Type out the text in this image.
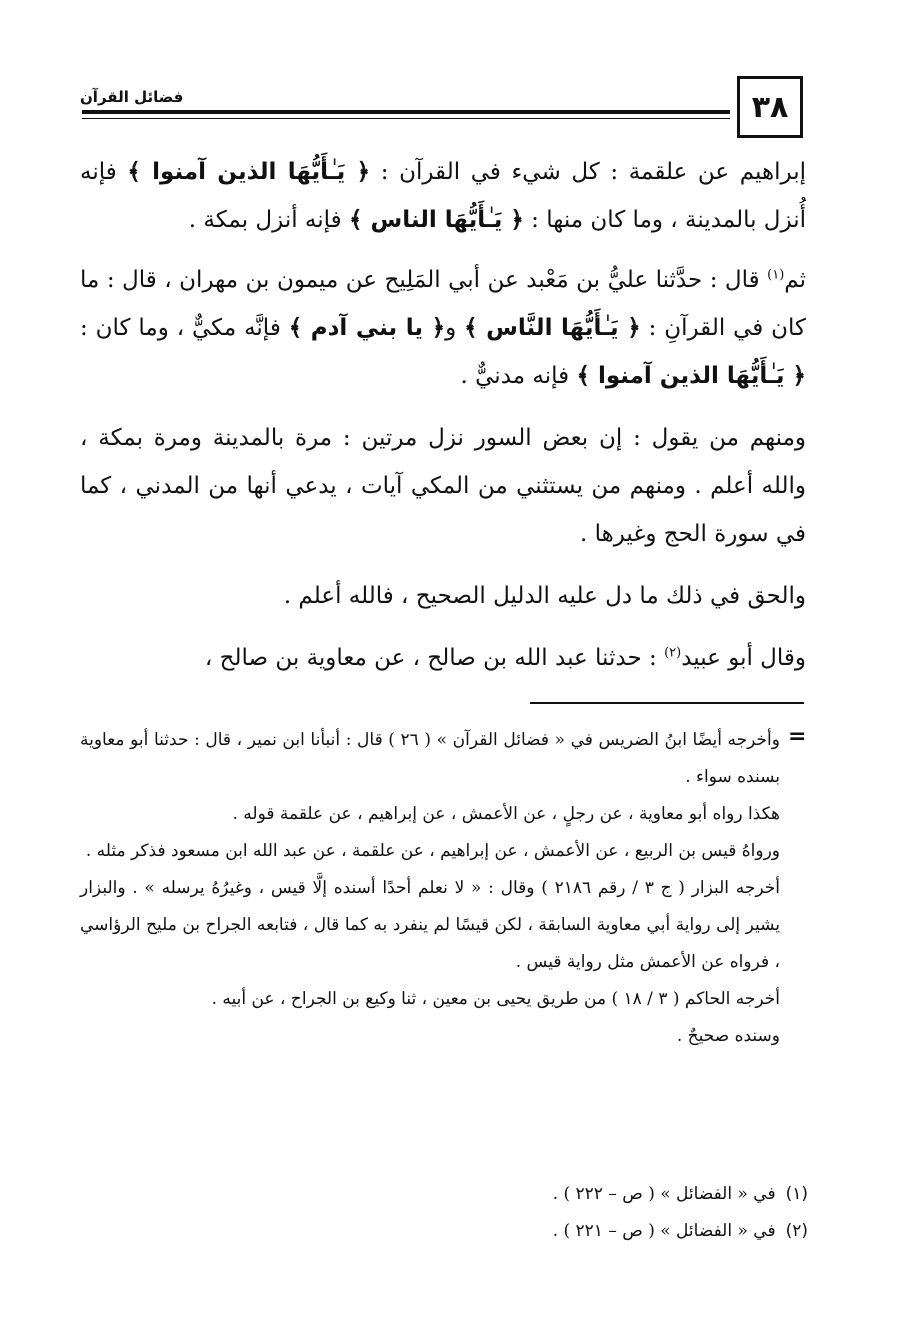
٣٨
فضائل القرآن

إبراهيم عن علقمة : كل شيء في القرآن : ﴿ يَـٰأَيُّهَا الذين آمنوا ﴾ فإنه أُنزل بالمدينة ، وما كان منها : ﴿ يَـٰأَيُّهَا الناس ﴾ فإنه أنزل بمكة .

ثم$^{(١)}$ قال : حدَّثنا عليُّ بن مَعْبد عن أبي المَلِيح عن ميمون بن مهران ، قال : ما كان في القرآنِ : ﴿ يَـٰأَيُّهَا النَّاس ﴾ و﴿ يا بني آدم ﴾ فإنَّه مكيٌّ ، وما كان : ﴿ يَـٰأَيُّهَا الذين آمنوا ﴾ فإنه مدنيٌّ .

ومنهم من يقول : إن بعض السور نزل مرتين : مرة بالمدينة ومرة بمكة ، والله أعلم . ومنهم من يستثني من المكي آيات ، يدعي أنها من المدني ، كما في سورة الحج وغيرها .

والحق في ذلك ما دل عليه الدليل الصحيح ، فالله أعلم .

وقال أبو عبيد$^{(٢)}$ : حدثنا عبد الله بن صالح ، عن معاوية بن صالح ،

=

وأخرجه أيضًا ابنُ الضريس في « فضائل القرآن » ( ٢٦ ) قال : أنبأنا ابن نمير ، قال : حدثنا أبو معاوية بسنده سواء .

هكذا رواه أبو معاوية ، عن رجلٍ ، عن الأعمش ، عن إبراهيم ، عن علقمة قوله .

ورواهُ قيس بن الربيع ، عن الأعمش ، عن إبراهيم ، عن علقمة ، عن عبد الله ابن مسعود فذكر مثله .

أخرجه البزار ( ج ٣ / رقم ٢١٨٦ ) وقال : « لا نعلم أحدًا أسنده إلَّا قيس ، وغيرُهُ يرسله » . والبزار يشير إلى رواية أبي معاوية السابقة ، لكن قيسًا لم ينفرد به كما قال ، فتابعه الجراح بن مليح الرؤاسي ، فرواه عن الأعمش مثل رواية قيس .

أخرجه الحاكم ( ٣ / ١٨ ) من طريق يحيى بن معين ، ثنا وكيع بن الجراح ، عن أبيه .

وسنده صحيحٌ .

(١)في « الفضائل » ( ص – ٢٢٢ ) .

(٢)في « الفضائل » ( ص – ٢٢١ ) .
